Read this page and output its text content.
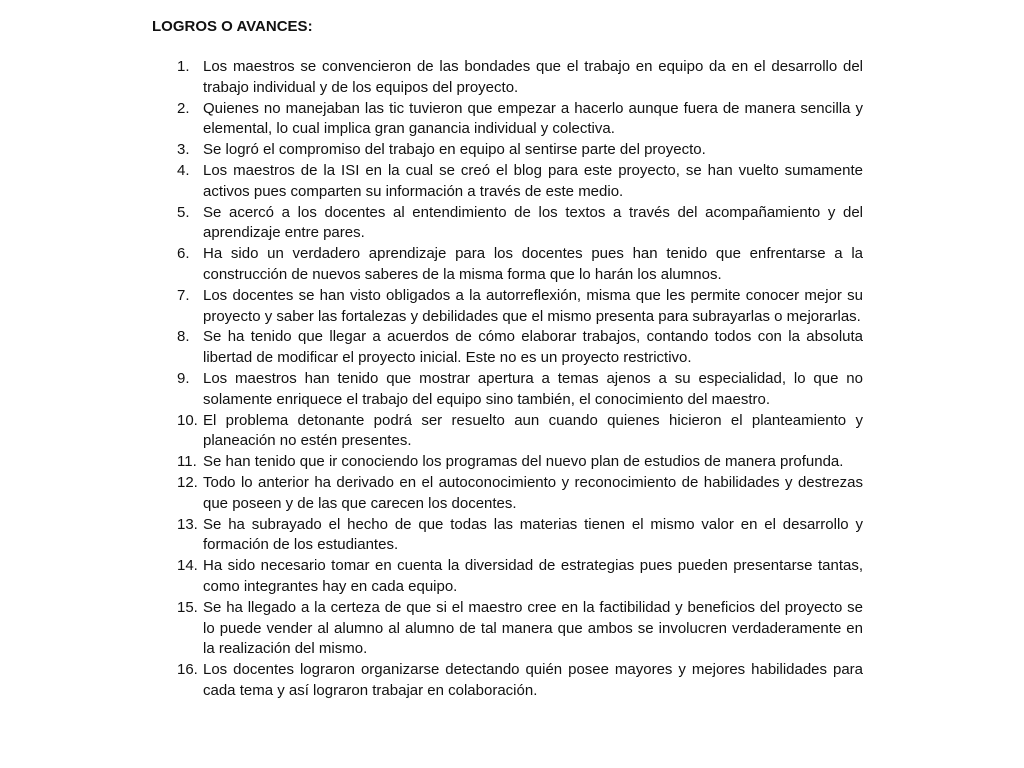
LOGROS O AVANCES:
1. Los maestros se convencieron de las bondades que el trabajo en equipo da en el desarrollo del trabajo individual y de los equipos del proyecto.
2. Quienes no manejaban las tic tuvieron que empezar a hacerlo aunque fuera de manera sencilla y elemental, lo cual implica gran ganancia individual y colectiva.
3. Se logró el compromiso del trabajo en equipo al sentirse parte del proyecto.
4. Los maestros de la ISI en la cual se creó el blog para este proyecto, se han vuelto sumamente activos pues comparten su información a través de este medio.
5. Se acercó a los docentes al entendimiento de los textos a través del acompañamiento y del aprendizaje entre pares.
6. Ha sido un verdadero aprendizaje para los docentes pues han tenido que enfrentarse a la construcción de nuevos saberes de la misma forma que lo harán los alumnos.
7. Los docentes se han visto obligados a la autorreflexión, misma que les permite conocer mejor su proyecto y saber las fortalezas y debilidades que el mismo presenta para subrayarlas o mejorarlas.
8. Se ha tenido que llegar a acuerdos de cómo elaborar trabajos, contando todos con la absoluta libertad de modificar el proyecto inicial. Este no es un proyecto restrictivo.
9. Los maestros han tenido que mostrar apertura a temas ajenos a su especialidad, lo que no solamente enriquece el trabajo del equipo sino también, el conocimiento del maestro.
10. El problema detonante podrá ser resuelto aun cuando quienes hicieron el planteamiento y planeación no estén presentes.
11. Se han tenido que ir conociendo los programas del nuevo plan de estudios de manera profunda.
12. Todo lo anterior ha derivado en el autoconocimiento y reconocimiento de habilidades y destrezas que poseen y de las que carecen los docentes.
13. Se ha subrayado el hecho de que todas las materias tienen el mismo valor en el desarrollo y formación de los estudiantes.
14. Ha sido necesario tomar en cuenta la diversidad de estrategias pues pueden presentarse tantas, como integrantes hay en cada equipo.
15. Se ha llegado a la certeza de que si el maestro cree en la factibilidad y beneficios del proyecto se lo puede vender al alumno al alumno de tal manera que ambos se involucren verdaderamente en la realización del mismo.
16. Los docentes lograron organizarse detectando quién posee mayores y mejores habilidades para cada tema y así lograron trabajar en colaboración.
